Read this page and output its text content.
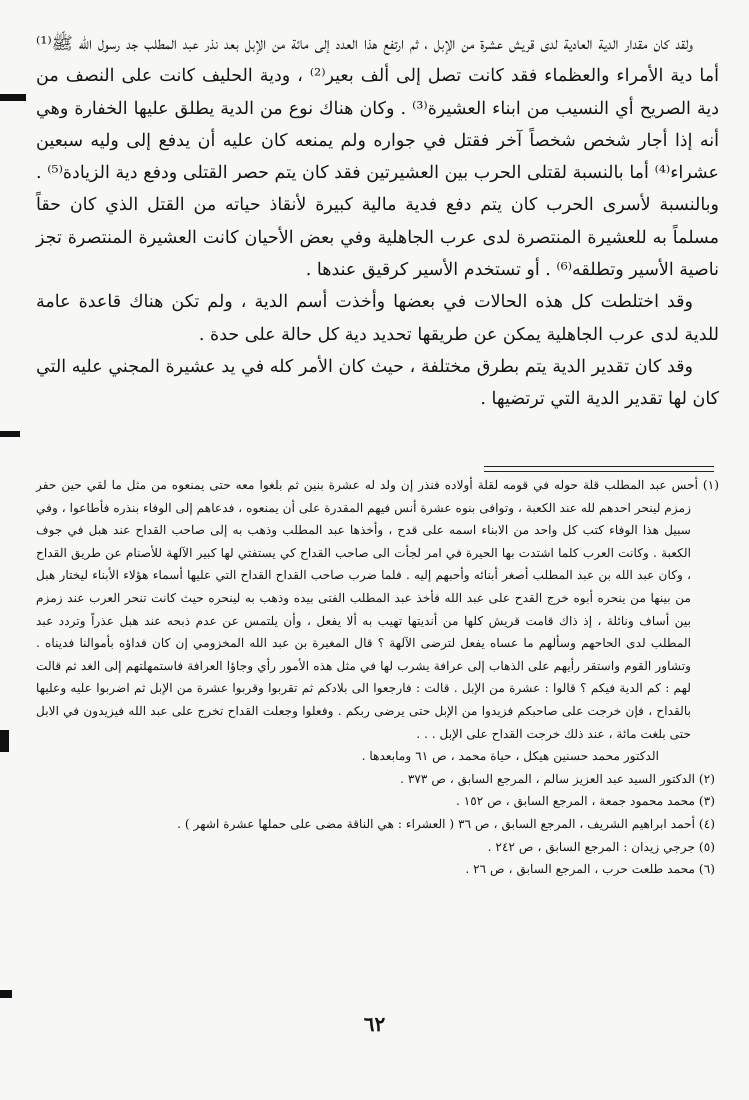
ولقد كان مقدار الدية العادية لدى قريش عشرة من الإبل ، ثم ارتفع هذا العدد إلى مائة من الإبل بعد نذر عبد المطلب جد رسول الله ﷺ⁽¹⁾ أما دية الأمراء والعظماء فقد كانت تصل إلى ألف بعير⁽²⁾ ، ودية الحليف كانت على النصف من دية الصريح أي النسيب من ابناء العشيرة⁽³⁾ . وكان هناك نوع من الدية يطلق عليها الخفارة وهي أنه إذا أجار شخص شخصاً آخر فقتل في جواره ولم يمنعه كان عليه أن يدفع إلى وليه سبعين عشراء⁽⁴⁾ أما بالنسبة لقتلى الحرب بين العشيرتين فقد كان يتم حصر القتلى ودفع دية الزيادة⁽⁵⁾ . وبالنسبة لأسرى الحرب كان يتم دفع فدية مالية كبيرة لأنقاذ حياته من القتل الذي كان حقاً مسلماً به للعشيرة المنتصرة لدى عرب الجاهلية وفي بعض الأحيان كانت العشيرة المنتصرة تجز ناصية الأسير وتطلقه⁽⁶⁾ . أو تستخدم الأسير كرقيق عندها .

وقد اختلطت كل هذه الحالات في بعضها وأخذت أسم الدية ، ولم تكن هناك قاعدة عامة للدية لدى عرب الجاهلية يمكن عن طريقها تحديد دية كل حالة على حدة .

وقد كان تقدير الدية يتم بطرق مختلفة ، حيث كان الأمر كله في يد عشيرة المجني عليه التي كان لها تقدير الدية التي ترتضيها .

(١) أحس عبد المطلب قلة حوله في قومه لقلة أولاده فنذر إن ولد له عشرة بنين ثم بلغوا معه حتى يمنعوه من مثل ما لقي حين حفر زمزم لينحر احدهم لله عند الكعبة ، وتوافى بنوه عشرة أنس فيهم المقدرة على أن يمنعوه ، فدعاهم إلى الوفاء بنذره فأطاعوا ، وفي سبيل هذا الوفاء كتب كل واحد من الابناء اسمه على قدح ، وأخذها عبد المطلب وذهب به إلى صاحب القداح عند هبل في جوف الكعبة . وكانت العرب كلما اشتدت بها الحيرة في امر لجأت الى صاحب القداح كي يستفتي لها كبير الآلهة للأصنام عن طريق القداح ، وكان عبد الله بن عبد المطلب أصغر أبنائه وأحبهم إليه . فلما ضرب صاحب القداح القداح التي عليها أسماء هؤلاء الأبناء ليختار هبل من بينها من ينحره أبوه خرج القدح على عبد الله فأخذ عبد المطلب الفتى بيده وذهب به لينحره حيث كانت تنحر العرب عند زمزم بين أساف ونائلة ، إذ ذاك قامت قريش كلها من أنديتها تهيب به ألا يفعل ، وأن يلتمس عن عدم ذبحه عند هبل عذراً وتردد عبد المطلب لدى الحاحهم وسألهم ما عساه يفعل لترضى الآلهة ؟ قال المغيرة بن عبد الله المخزومي إن كان فداؤه بأموالنا فديناه . وتشاور القوم واستقر رأيهم على الذهاب إلى عرافة يشرب لها في مثل هذه الأمور رأي وجاؤا العرافة فاستمهلتهم إلى الغد ثم قالت لهم : كم الدية فيكم ؟ قالوا : عشرة من الإبل . قالت : فارجعوا الى بلادكم ثم تقربوا وقربوا عشرة من الإبل ثم اضربوا عليه وعليها بالقداح ، فإن خرجت على صاحبكم فزيدوا من الإبل حتى يرضى ربكم . وفعلوا وجعلت القداح تخرج على عبد الله فيزيدون في الابل حتى بلغت مائة ، عند ذلك خرجت القداح على الإبل . . .

الدكتور محمد حسنين هيكل ، حياة محمد ، ص ٦١ ومابعدها .

(٢) الدكتور السيد عبد العزيز سالم ، المرجع السابق ، ص ٣٧٣ .

(٣) محمد محمود جمعة ، المرجع السابق ، ص ١٥٢ .

(٤) أحمد ابراهيم الشريف ، المرجع السابق ، ص ٣٦ ( العشراء : هي الناقة مضى على حملها عشرة اشهر ) .

(٥) جرجي زيدان : المرجع السابق ، ص ٢٤٢ .

(٦) محمد طلعت حرب ، المرجع السابق ، ص ٢٦ .

٦٢
